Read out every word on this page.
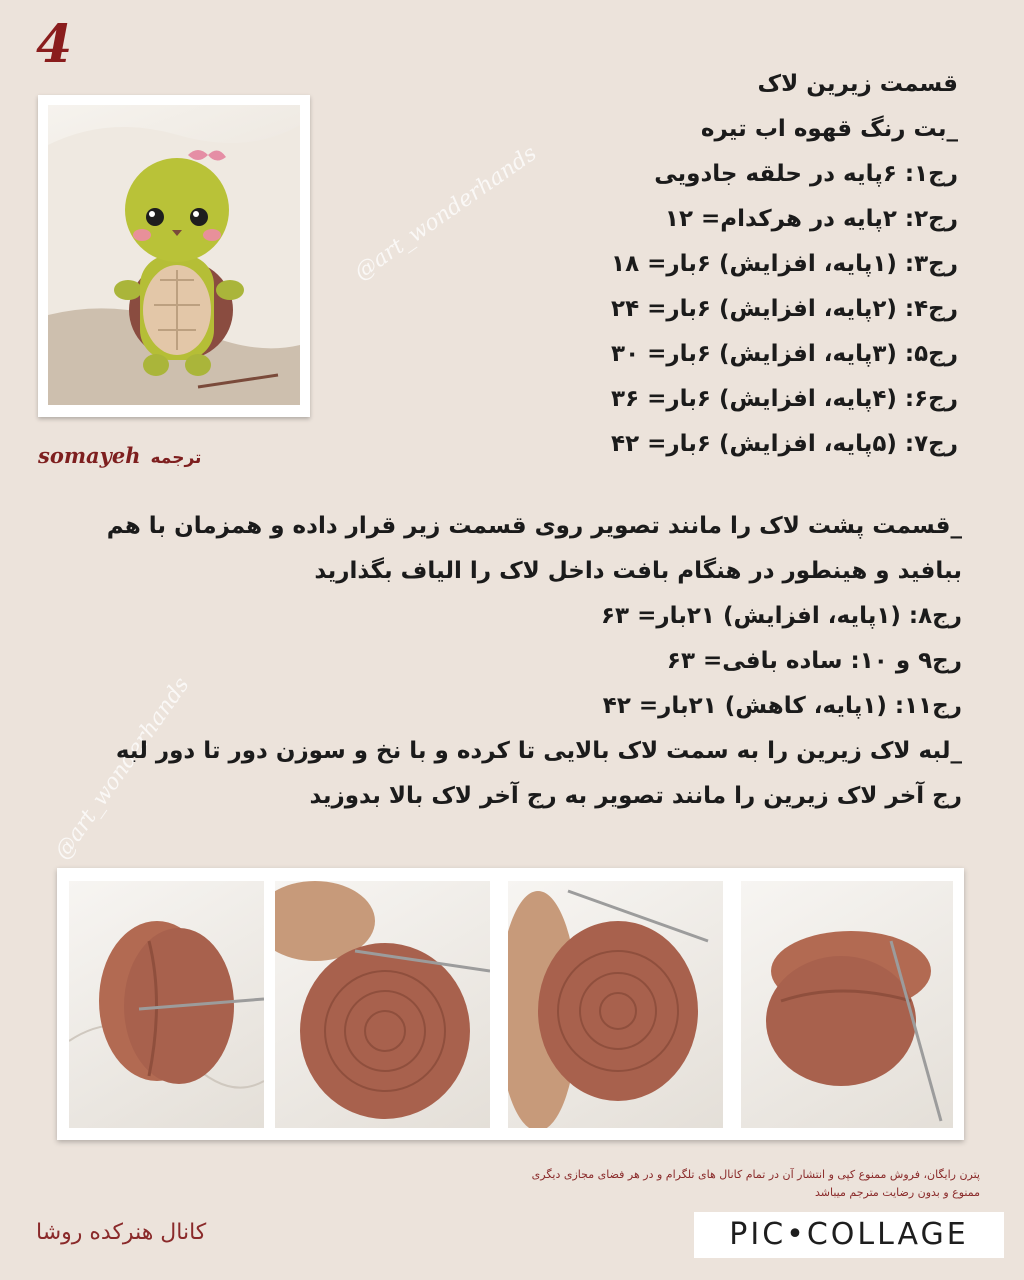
4
somayeh ترجمه
@art_wonderhands
@art_wonderhands
قسمت زیرین لاک
_بت رنگ قهوه اب تیره
رج۱: ۶پایه در حلقه جادویی
رج۲: ۲پایه در هرکدام= ۱۲
رج۳: (۱پایه، افزایش) ۶بار= ۱۸
رج۴: (۲پایه، افزایش) ۶بار= ۲۴
رج۵: (۳پایه، افزایش) ۶بار= ۳۰
رج۶: (۴پایه، افزایش) ۶بار= ۳۶
رج۷: (۵پایه، افزایش) ۶بار= ۴۲
_قسمت پشت لاک را مانند تصویر روی قسمت زیر قرار داده و همزمان با هم
ببافید و هینطور در هنگام بافت داخل لاک را الیاف بگذارید
رج۸: (۱پایه، افزایش) ۲۱بار= ۶۳
رج۹ و ۱۰: ساده بافی= ۶۳
رج۱۱: (۱پایه، کاهش) ۲۱بار= ۴۲
_لبه لاک زیرین را به سمت لاک بالایی تا کرده و با نخ و سوزن دور تا دور لبه
رج آخر لاک زیرین را مانند تصویر به رج آخر لاک بالا بدوزید
پترن رایگان، فروش ممنوع کپی و انتشار آن در تمام کانال های تلگرام و در هر فضای مجازی دیگری
ممنوع و بدون رضایت مترجم میباشد
کانال هنرکده روشا	PIC•COLLAGE
